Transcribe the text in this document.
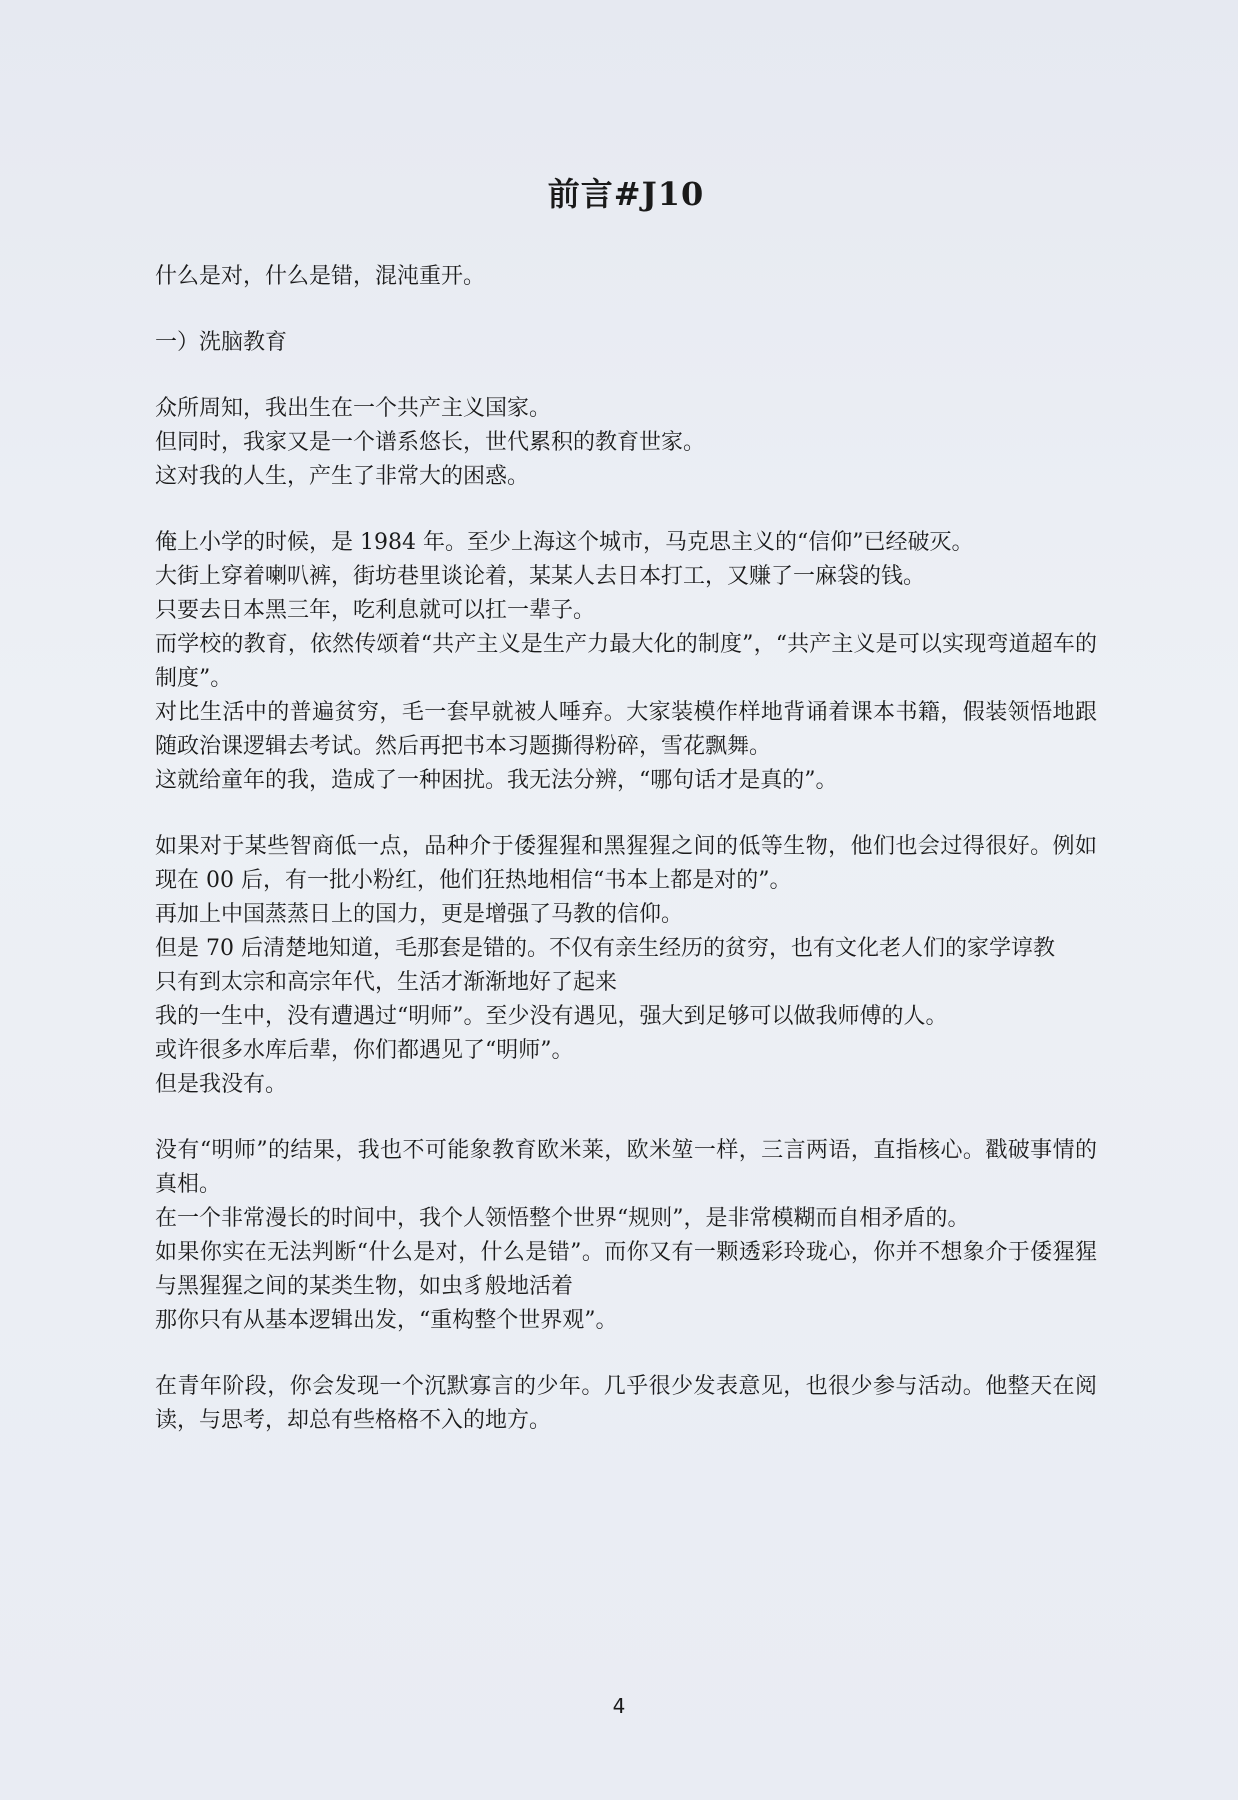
前言#J10
什么是对，什么是错，混沌重开。
一）洗脑教育
众所周知，我出生在一个共产主义国家。
但同时，我家又是一个谱系悠长，世代累积的教育世家。
这对我的人生，产生了非常大的困惑。
俺上小学的时候，是 1984 年。至少上海这个城市，马克思主义的“信仰”已经破灭。
大街上穿着喇叭裤，街坊巷里谈论着，某某人去日本打工，又赚了一麻袋的钱。
只要去日本黑三年，吃利息就可以扛一辈子。
而学校的教育，依然传颂着“共产主义是生产力最大化的制度”，“共产主义是可以实现弯道超车的制度”。
对比生活中的普遍贫穷，毛一套早就被人唾弃。大家装模作样地背诵着课本书籍，假装领悟地跟随政治课逻辑去考试。然后再把书本习题撕得粉碎，雪花飘舞。
这就给童年的我，造成了一种困扰。我无法分辨，“哪句话才是真的”。
如果对于某些智商低一点，品种介于倭猩猩和黑猩猩之间的低等生物，他们也会过得很好。例如现在 00 后，有一批小粉红，他们狂热地相信“书本上都是对的”。
再加上中国蒸蒸日上的国力，更是增强了马教的信仰。
但是 70 后清楚地知道，毛那套是错的。不仅有亲生经历的贫穷，也有文化老人们的家学谆教
只有到太宗和高宗年代，生活才渐渐地好了起来
我的一生中，没有遭遇过“明师”。至少没有遇见，强大到足够可以做我师傅的人。
或许很多水库后辈，你们都遇见了“明师”。
但是我没有。
没有“明师”的结果，我也不可能象教育欧米莱，欧米堃一样，三言两语，直指核心。戳破事情的真相。
在一个非常漫长的时间中，我个人领悟整个世界“规则”，是非常模糊而自相矛盾的。
如果你实在无法判断“什么是对，什么是错”。而你又有一颗透彩玲珑心，你并不想象介于倭猩猩与黑猩猩之间的某类生物，如虫豸般地活着
那你只有从基本逻辑出发，“重构整个世界观”。
在青年阶段，你会发现一个沉默寡言的少年。几乎很少发表意见，也很少参与活动。他整天在阅读，与思考，却总有些格格不入的地方。
4
